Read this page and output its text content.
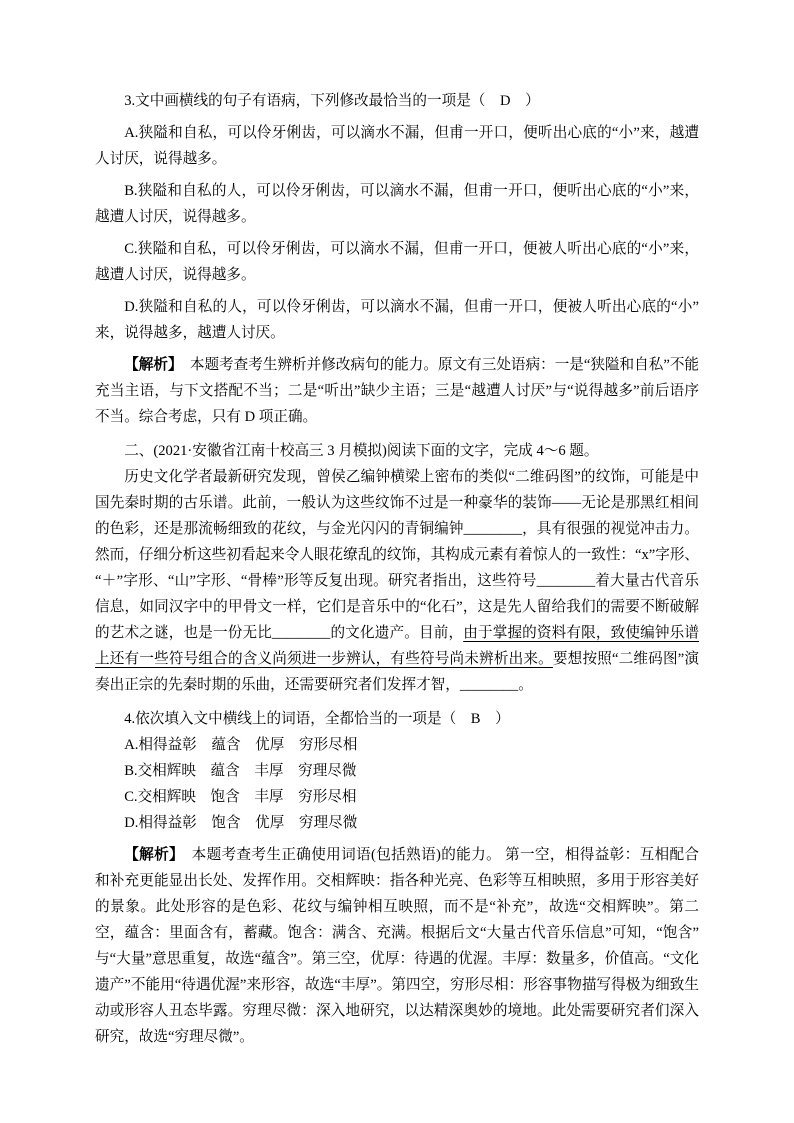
3.文中画横线的句子有语病，下列修改最恰当的一项是（　D　）

A.狭隘和自私，可以伶牙俐齿，可以滴水不漏，但甫一开口，便听出心底的“小”来，越遭人讨厌，说得越多。

B.狭隘和自私的人，可以伶牙俐齿，可以滴水不漏，但甫一开口，便听出心底的“小”来，越遭人讨厌，说得越多。

C.狭隘和自私，可以伶牙俐齿，可以滴水不漏，但甫一开口，便被人听出心底的“小”来，越遭人讨厌，说得越多。

D.狭隘和自私的人，可以伶牙俐齿，可以滴水不漏，但甫一开口，便被人听出心底的“小”来，说得越多，越遭人讨厌。

【解析】　本题考查考生辨析并修改病句的能力。原文有三处语病：一是“狭隘和自私”不能充当主语，与下文搭配不当；二是“听出”缺少主语；三是“越遭人讨厌”与“说得越多”前后语序不当。综合考虑，只有 D 项正确。

二、(2021·安徽省江南十校高三 3 月模拟)阅读下面的文字，完成 4～6 题。

历史文化学者最新研究发现，曾侯乙编钟横梁上密布的类似“二维码图”的纹饰，可能是中国先秦时期的古乐谱。此前，一般认为这些纹饰不过是一种豪华的装饰——无论是那黑红相间的色彩，还是那流畅细致的花纹，与金光闪闪的青铜编钟________，具有很强的视觉冲击力。然而，仔细分析这些初看起来令人眼花缭乱的纹饰，其构成元素有着惊人的一致性：“x”字形、“＋”字形、“山”字形、“骨棒”形等反复出现。研究者指出，这些符号________着大量古代音乐信息，如同汉字中的甲骨文一样，它们是音乐中的“化石”，这是先人留给我们的需要不断破解的艺术之谜，也是一份无比________的文化遗产。目前，由于掌握的资料有限，致使编钟乐谱上还有一些符号组合的含义尚须进一步辨认，有些符号尚未辨析出来。要想按照“二维码图”演奏出正宗的先秦时期的乐曲，还需要研究者们发挥才智，________。

4.依次填入文中横线上的词语，全都恰当的一项是（　B　）

A.相得益彰　蕴含　优厚　穷形尽相

B.交相辉映　蕴含　丰厚　穷理尽微

C.交相辉映　饱含　丰厚　穷形尽相

D.相得益彰　饱含　优厚　穷理尽微

【解析】　本题考查考生正确使用词语(包括熟语)的能力。 第一空，相得益彰：互相配合和补充更能显出长处、发挥作用。交相辉映：指各种光亮、色彩等互相映照，多用于形容美好的景象。此处形容的是色彩、花纹与编钟相互映照，而不是“补充”，故选“交相辉映”。第二空，蕴含：里面含有，蓄藏。饱含：满含、充满。根据后文“大量古代音乐信息”可知，“饱含”与“大量”意思重复，故选“蕴含”。第三空，优厚：待遇的优渥。丰厚：数量多，价值高。“文化遗产”不能用“待遇优渥”来形容，故选“丰厚”。第四空，穷形尽相：形容事物描写得极为细致生动或形容人丑态毕露。穷理尽微：深入地研究，以达精深奥妙的境地。此处需要研究者们深入研究，故选“穷理尽微”。
